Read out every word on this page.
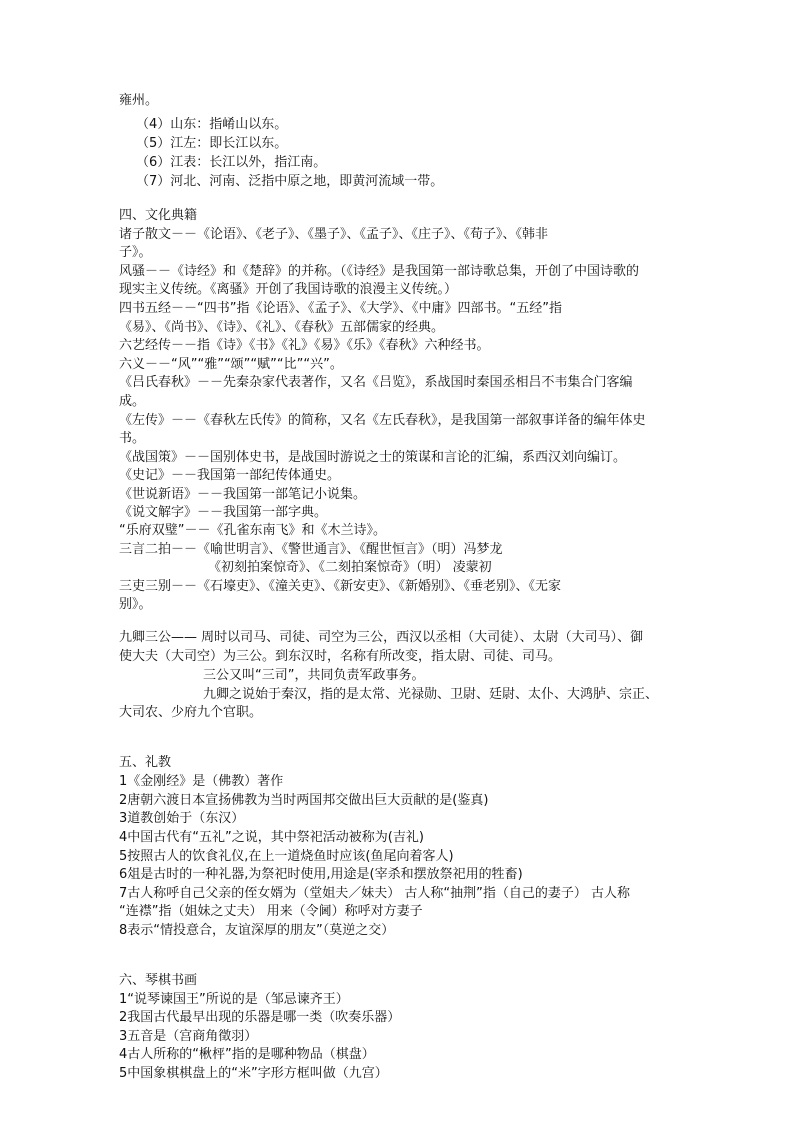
雍州。
（4）山东：指崤山以东。
（5）江左：即长江以东。
（6）江表：长江以外，指江南。
（7）河北、河南、泛指中原之地，即黄河流域一带。
四、文化典籍
诸子散文－－《论语》、《老子》、《墨子》、《孟子》、《庄子》、《荀子》、《韩非
子》。
风骚－－《诗经》和《楚辞》的并称。（《诗经》是我国第一部诗歌总集，开创了中国诗歌的
现实主义传统。《离骚》开创了我国诗歌的浪漫主义传统。）
四书五经－－“四书”指《论语》、《孟子》、《大学》、《中庸》四部书。“五经”指
《易》、《尚书》、《诗》、《礼》、《春秋》五部儒家的经典。
六艺经传－－指《诗》《书》《礼》《易》《乐》《春秋》六种经书。
六义－－“风”“雅”“颂”“赋”“比”“兴”。
《吕氏春秋》－－先秦杂家代表著作，又名《吕览》，系战国时秦国丞相吕不韦集合门客编
成。
《左传》－－《春秋左氏传》的简称，又名《左氏春秋》，是我国第一部叙事详备的编年体史
书。
《战国策》－－国别体史书，是战国时游说之士的策谋和言论的汇编，系西汉刘向编订。
《史记》－－我国第一部纪传体通史。
《世说新语》－－我国第一部笔记小说集。
《说文解字》－－我国第一部字典。
“乐府双璧”－－《孔雀东南飞》和《木兰诗》。
三言二拍－－《喻世明言》、《警世通言》、《醒世恒言》（明）冯梦龙
《初刻拍案惊奇》、《二刻拍案惊奇》（明） 凌蒙初
三吏三别－－《石壕吏》、《潼关吏》、《新安吏》、《新婚别》、《垂老别》、《无家
别》。
九卿三公—— 周时以司马、司徒、司空为三公，西汉以丞相（大司徒）、太尉（大司马）、御
使大夫（大司空）为三公。到东汉时，名称有所改变，指太尉、司徒、司马。
三公又叫“三司”，共同负责军政事务。
九卿之说始于秦汉，指的是太常、光禄勋、卫尉、廷尉、太仆、大鸿胪、宗正、
大司农、少府九个官职。
五、礼教
1《金刚经》是（佛教）著作
2唐朝六渡日本宣扬佛教为当时两国邦交做出巨大贡献的是(鉴真)
3道教创始于（东汉）
4中国古代有“五礼”之说，其中祭祀活动被称为(吉礼)
5按照古人的饮食礼仪,在上一道烧鱼时应该(鱼尾向着客人)
6俎是古时的一种礼器,为祭祀时使用,用途是(宰杀和摆放祭祀用的牲畜)
7古人称呼自己父亲的侄女婿为（堂姐夫／妹夫） 古人称“抽荆”指（自己的妻子） 古人称
“连襟”指（姐妹之丈夫） 用来（令阃）称呼对方妻子
8表示“情投意合，友谊深厚的朋友”（莫逆之交）
六、琴棋书画
1“说琴谏国王”所说的是（邹忌谏齐王）
2我国古代最早出现的乐器是哪一类（吹奏乐器）
3五音是（宫商角徵羽）
4古人所称的“楸枰”指的是哪种物品（棋盘）
5中国象棋棋盘上的“米”字形方框叫做（九宫）
